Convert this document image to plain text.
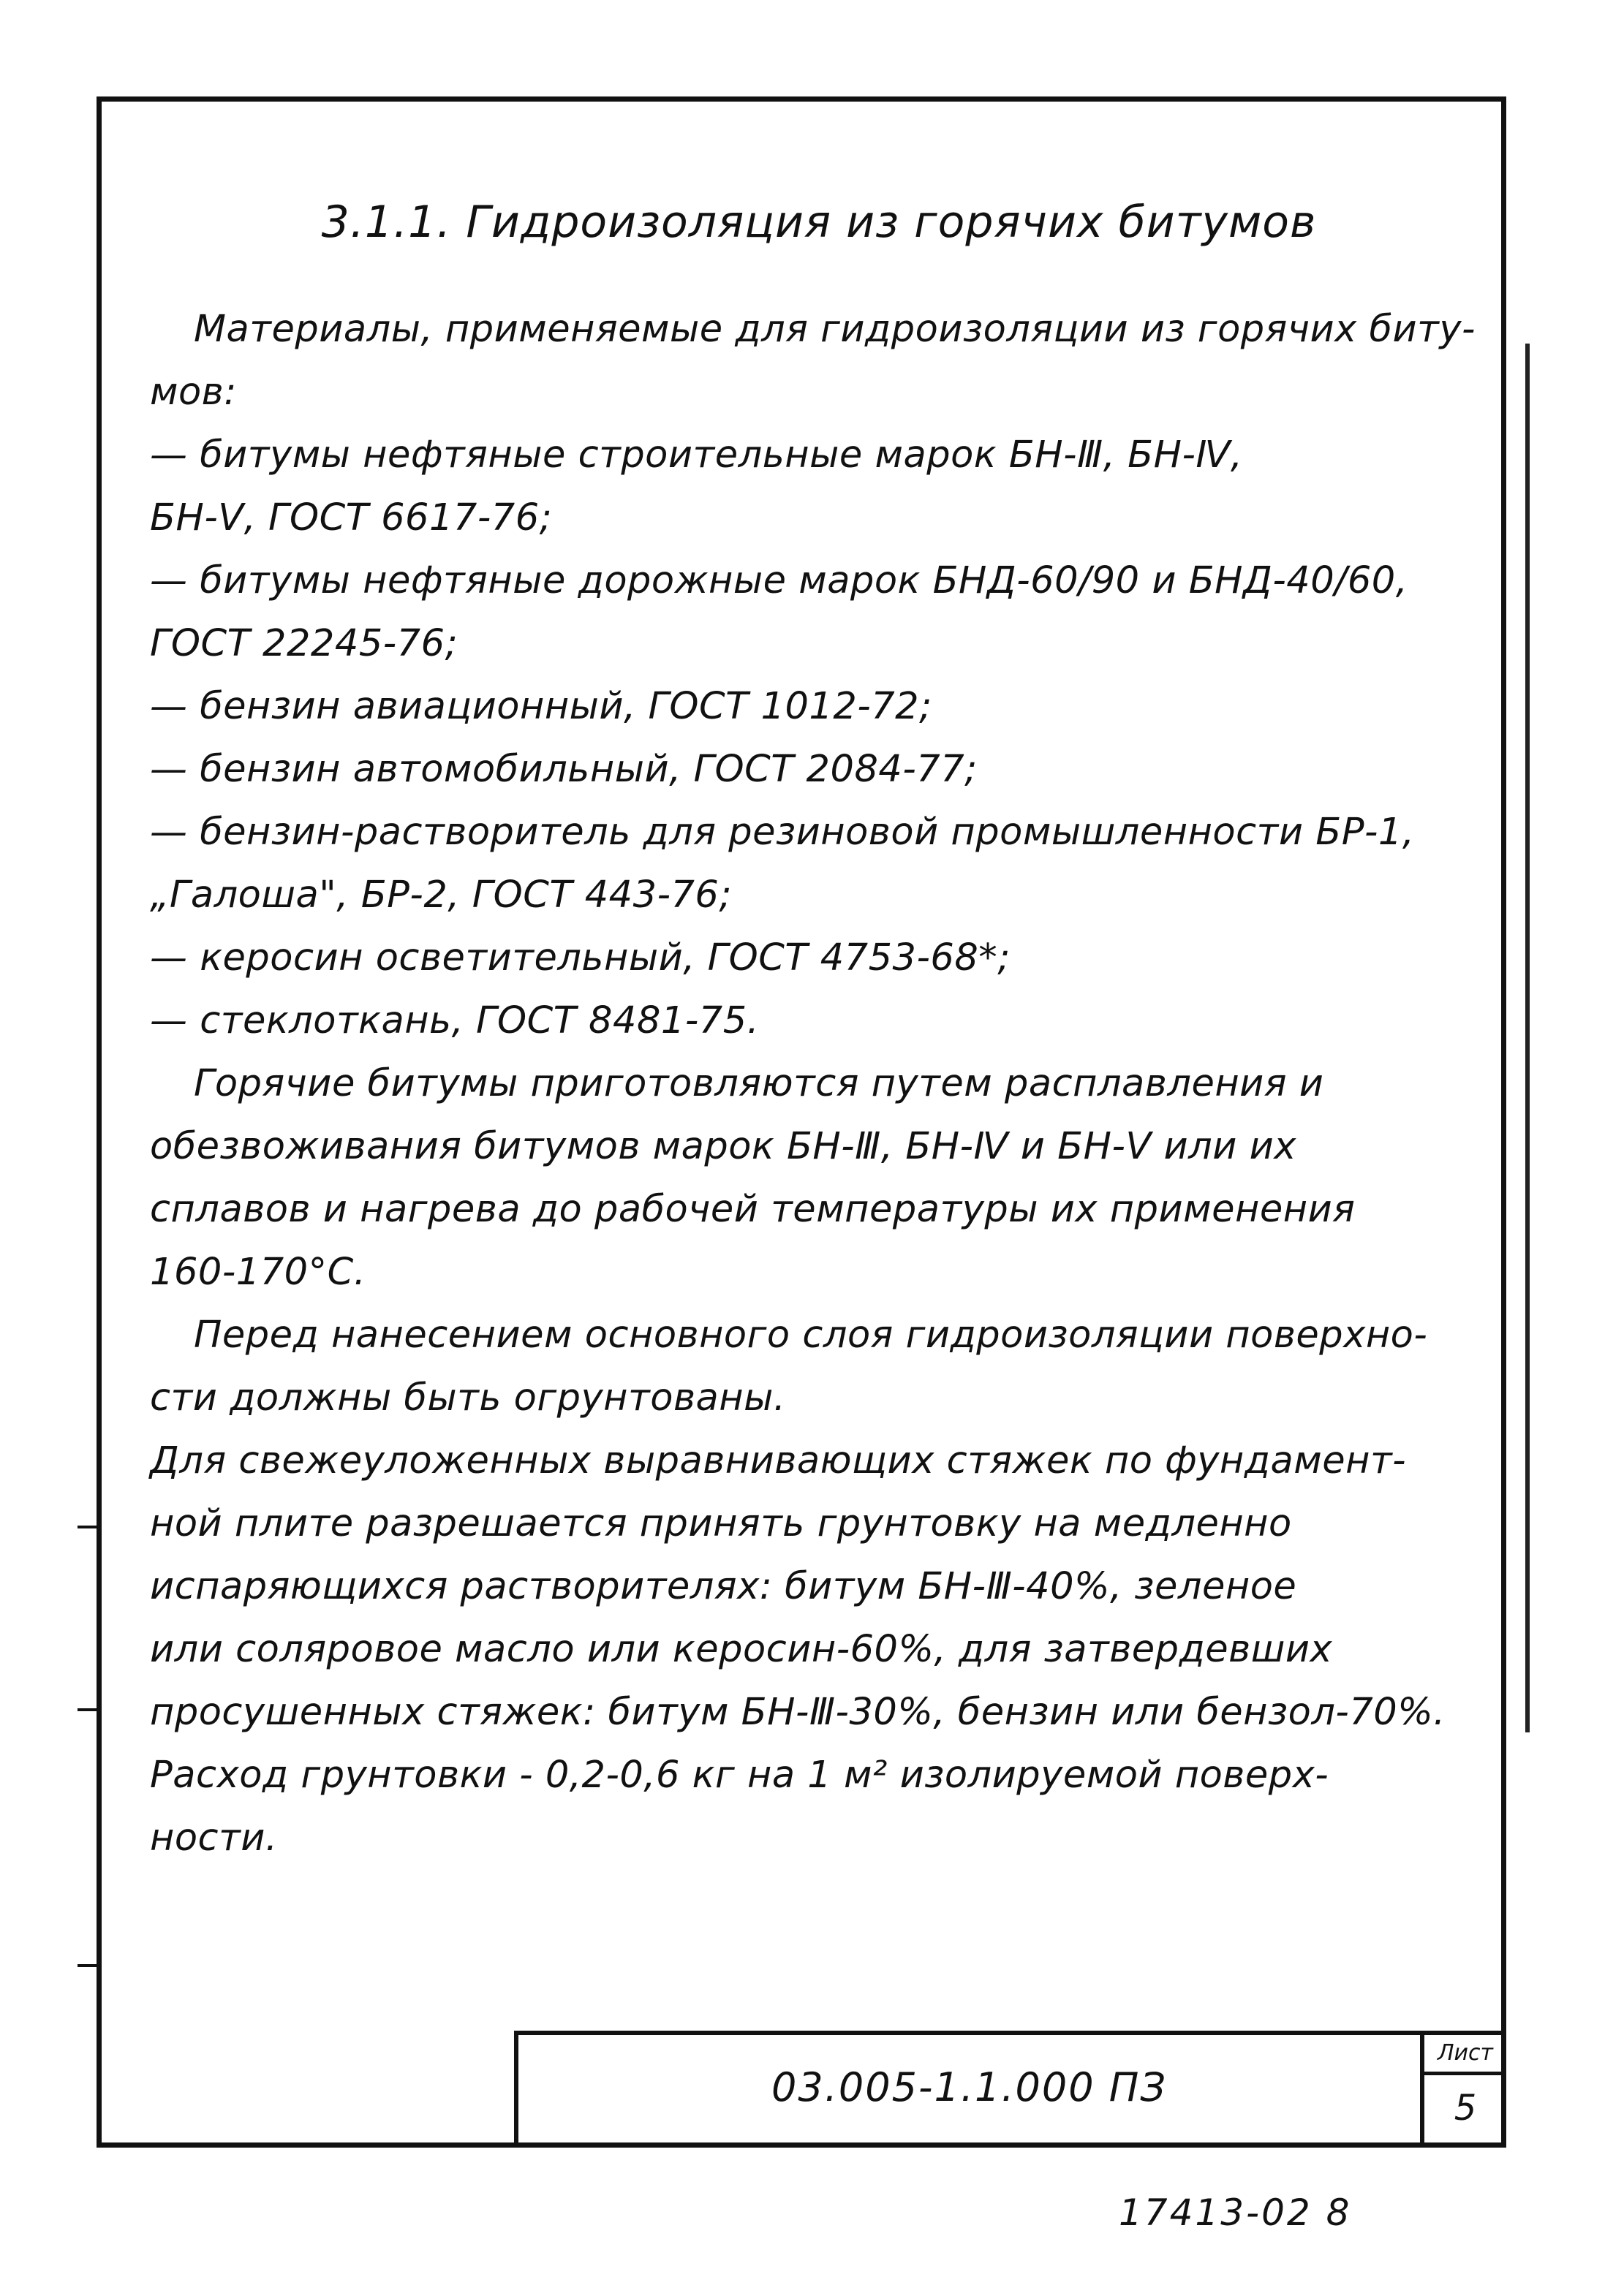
3.1.1. Гидроизоляция из горячих битумов
Материалы, применяемые для гидроизоляции из горячих биту-
мов:
— битумы нефтяные строительные марок БН-Ⅲ, БН-Ⅳ,
БН-Ⅴ, ГОСТ 6617-76;
— битумы нефтяные дорожные марок БНД-60/90 и БНД-40/60,
ГОСТ 22245-76;
— бензин авиационный, ГОСТ 1012-72;
— бензин автомобильный, ГОСТ 2084-77;
— бензин-растворитель для резиновой промышленности БР-1,
„Галоша", БР-2, ГОСТ 443-76;
— керосин осветительный, ГОСТ 4753-68*;
— стеклоткань, ГОСТ 8481-75.
Горячие битумы приготовляются путем расплавления и
обезвоживания битумов марок БН-Ⅲ, БН-Ⅳ и БН-Ⅴ или их
сплавов и нагрева до рабочей температуры их применения
160-170°С.
Перед нанесением основного слоя гидроизоляции поверхно-
сти должны быть огрунтованы.
Для свежеуложенных выравнивающих стяжек по фундамент-
ной плите разрешается принять грунтовку на медленно
испаряющихся растворителях: битум БН-Ⅲ-40%, зеленое
или соляровое масло или керосин-60%, для затвердевших
просушенных стяжек: битум БН-Ⅲ-30%, бензин или бензол-70%.
Расход грунтовки - 0,2-0,6 кг на 1 м² изолируемой поверх-
ности.
03.005-1.1.000 ПЗ
Лист
5
17413-02 8
